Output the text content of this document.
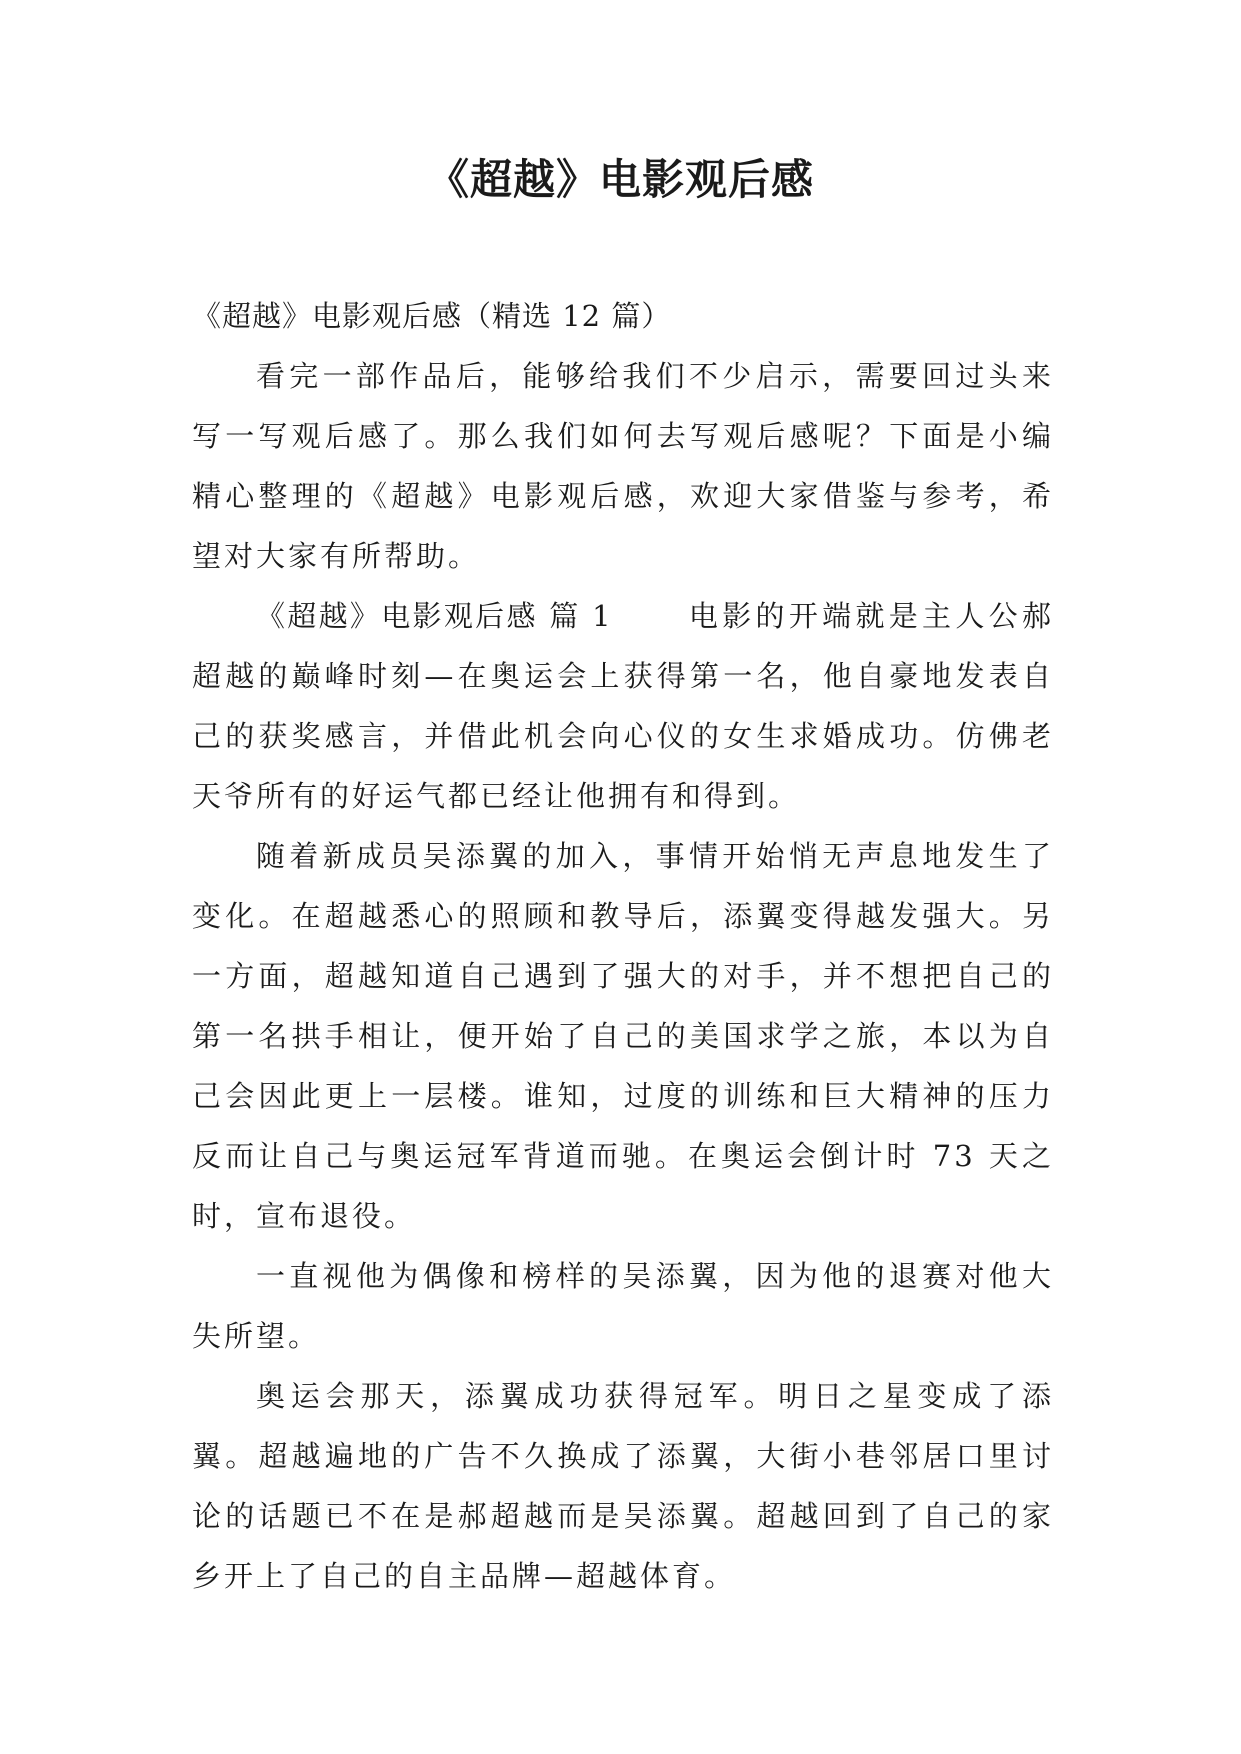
《超越》电影观后感

《超越》电影观后感（精选 12 篇）

看完一部作品后，能够给我们不少启示，需要回过头来写一写观后感了。那么我们如何去写观后感呢？下面是小编精心整理的《超越》电影观后感，欢迎大家借鉴与参考，希望对大家有所帮助。

《超越》电影观后感 篇 1	电影的开端就是主人公郝超越的巅峰时刻—在奥运会上获得第一名，他自豪地发表自己的获奖感言，并借此机会向心仪的女生求婚成功。仿佛老天爷所有的好运气都已经让他拥有和得到。

随着新成员吴添翼的加入，事情开始悄无声息地发生了变化。在超越悉心的照顾和教导后，添翼变得越发强大。另一方面，超越知道自己遇到了强大的对手，并不想把自己的第一名拱手相让，便开始了自己的美国求学之旅，本以为自己会因此更上一层楼。谁知，过度的训练和巨大精神的压力反而让自己与奥运冠军背道而驰。在奥运会倒计时 73 天之时，宣布退役。

一直视他为偶像和榜样的吴添翼，因为他的退赛对他大失所望。

奥运会那天，添翼成功获得冠军。明日之星变成了添翼。超越遍地的广告不久换成了添翼，大街小巷邻居口里讨论的话题已不在是郝超越而是吴添翼。超越回到了自己的家乡开上了自己的自主品牌—超越体育。
